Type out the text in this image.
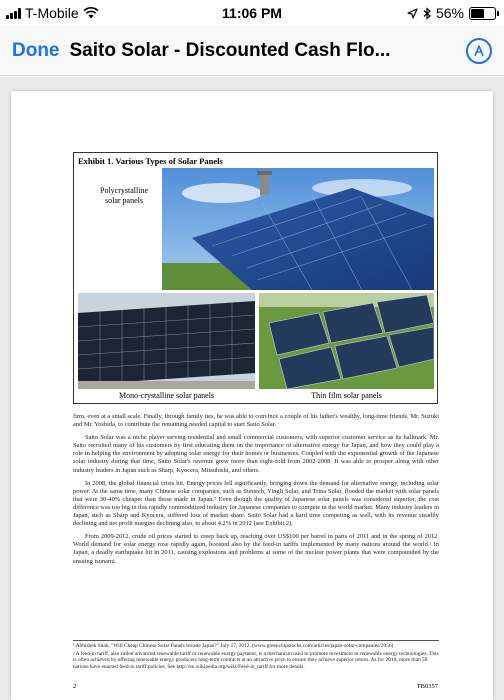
T-Mobile	11:06 PM	56%
Done Saito Solar - Discounted Cash Flo...
Exhibit 1. Various Types of Solar Panels
Polycrystalline
solar panels
Mono-crystalline solar panels	Thin film solar panels

firm, even at a small scale. Finally, through family ties, he was able to convince a couple of his father's wealthy, long-time friends, Mr. Suzuki and Mr. Yoshida, to contribute the remaining needed capital to start Saito Solar.

Saito Solar was a niche player serving residential and small commercial customers, with superior customer service as its hallmark. Mr. Saito recruited many of his customers by first educating them on the importance of alternative energy for Japan, and how they could play a role in helping the environment by adopting solar energy for their homes or businesses. Coupled with the exponential growth of the Japanese solar industry during that time, Saito Solar's revenue grew more than eight-fold from 2002-2008. It was able to prosper along with other industry leaders in Japan such as Sharp, Kyocera, Mitsubishi, and others.

In 2008, the global financial crisis hit. Energy prices fell significantly, bringing down the demand for alternative energy, including solar power. At the same time, many Chinese solar companies, such as Suntech, Yingli Solar, and Trina Solar, flooded the market with solar panels that were 30-40% cheaper than those made in Japan.¹ Even though the quality of Japanese solar panels was considered superior, the cost difference was too big in this rapidly commoditized industry for Japanese companies to compete in the world market. Many industry leaders in Japan, such as Sharp and Kyocera, suffered loss of market share. Saito Solar had a hard time competing as well, with its revenue steadily declining and net profit margins declining also, to about 4.2% in 2012 (see Exhibit 2).

From 2009-2012, crude oil prices started to creep back up, reaching over US$100 per barrel in parts of 2011 and in the spring of 2012. World demand for solar energy rose rapidly again, boosted also by the feed-in tariffs implemented by many nations around the world.² In Japan, a deadly earthquake hit in 2011, causing explosions and problems at some of the nuclear power plants that were compounded by the ensuing tsunami.

¹ Abhishek Shah, "Will Cheap Chinese Solar Panels Invade Japan?" July 17, 2012. (www.greenchipstocks.com/articles/japan-solar-companies/2056)

² A feed-in tariff, also called advanced renewable tariff or renewable energy payment, is a mechanism used to promote investment in renewable energy technologies. This is often achieved by offering renewable energy producers long-term contracts at an attractive price to ensure they achieve superior return. As for 2010, more than 50 nations have enacted feed-in tariff policies. See http://en.wikipedia.org/wiki/Feed-in_tariff for more details.

2	TB0357
